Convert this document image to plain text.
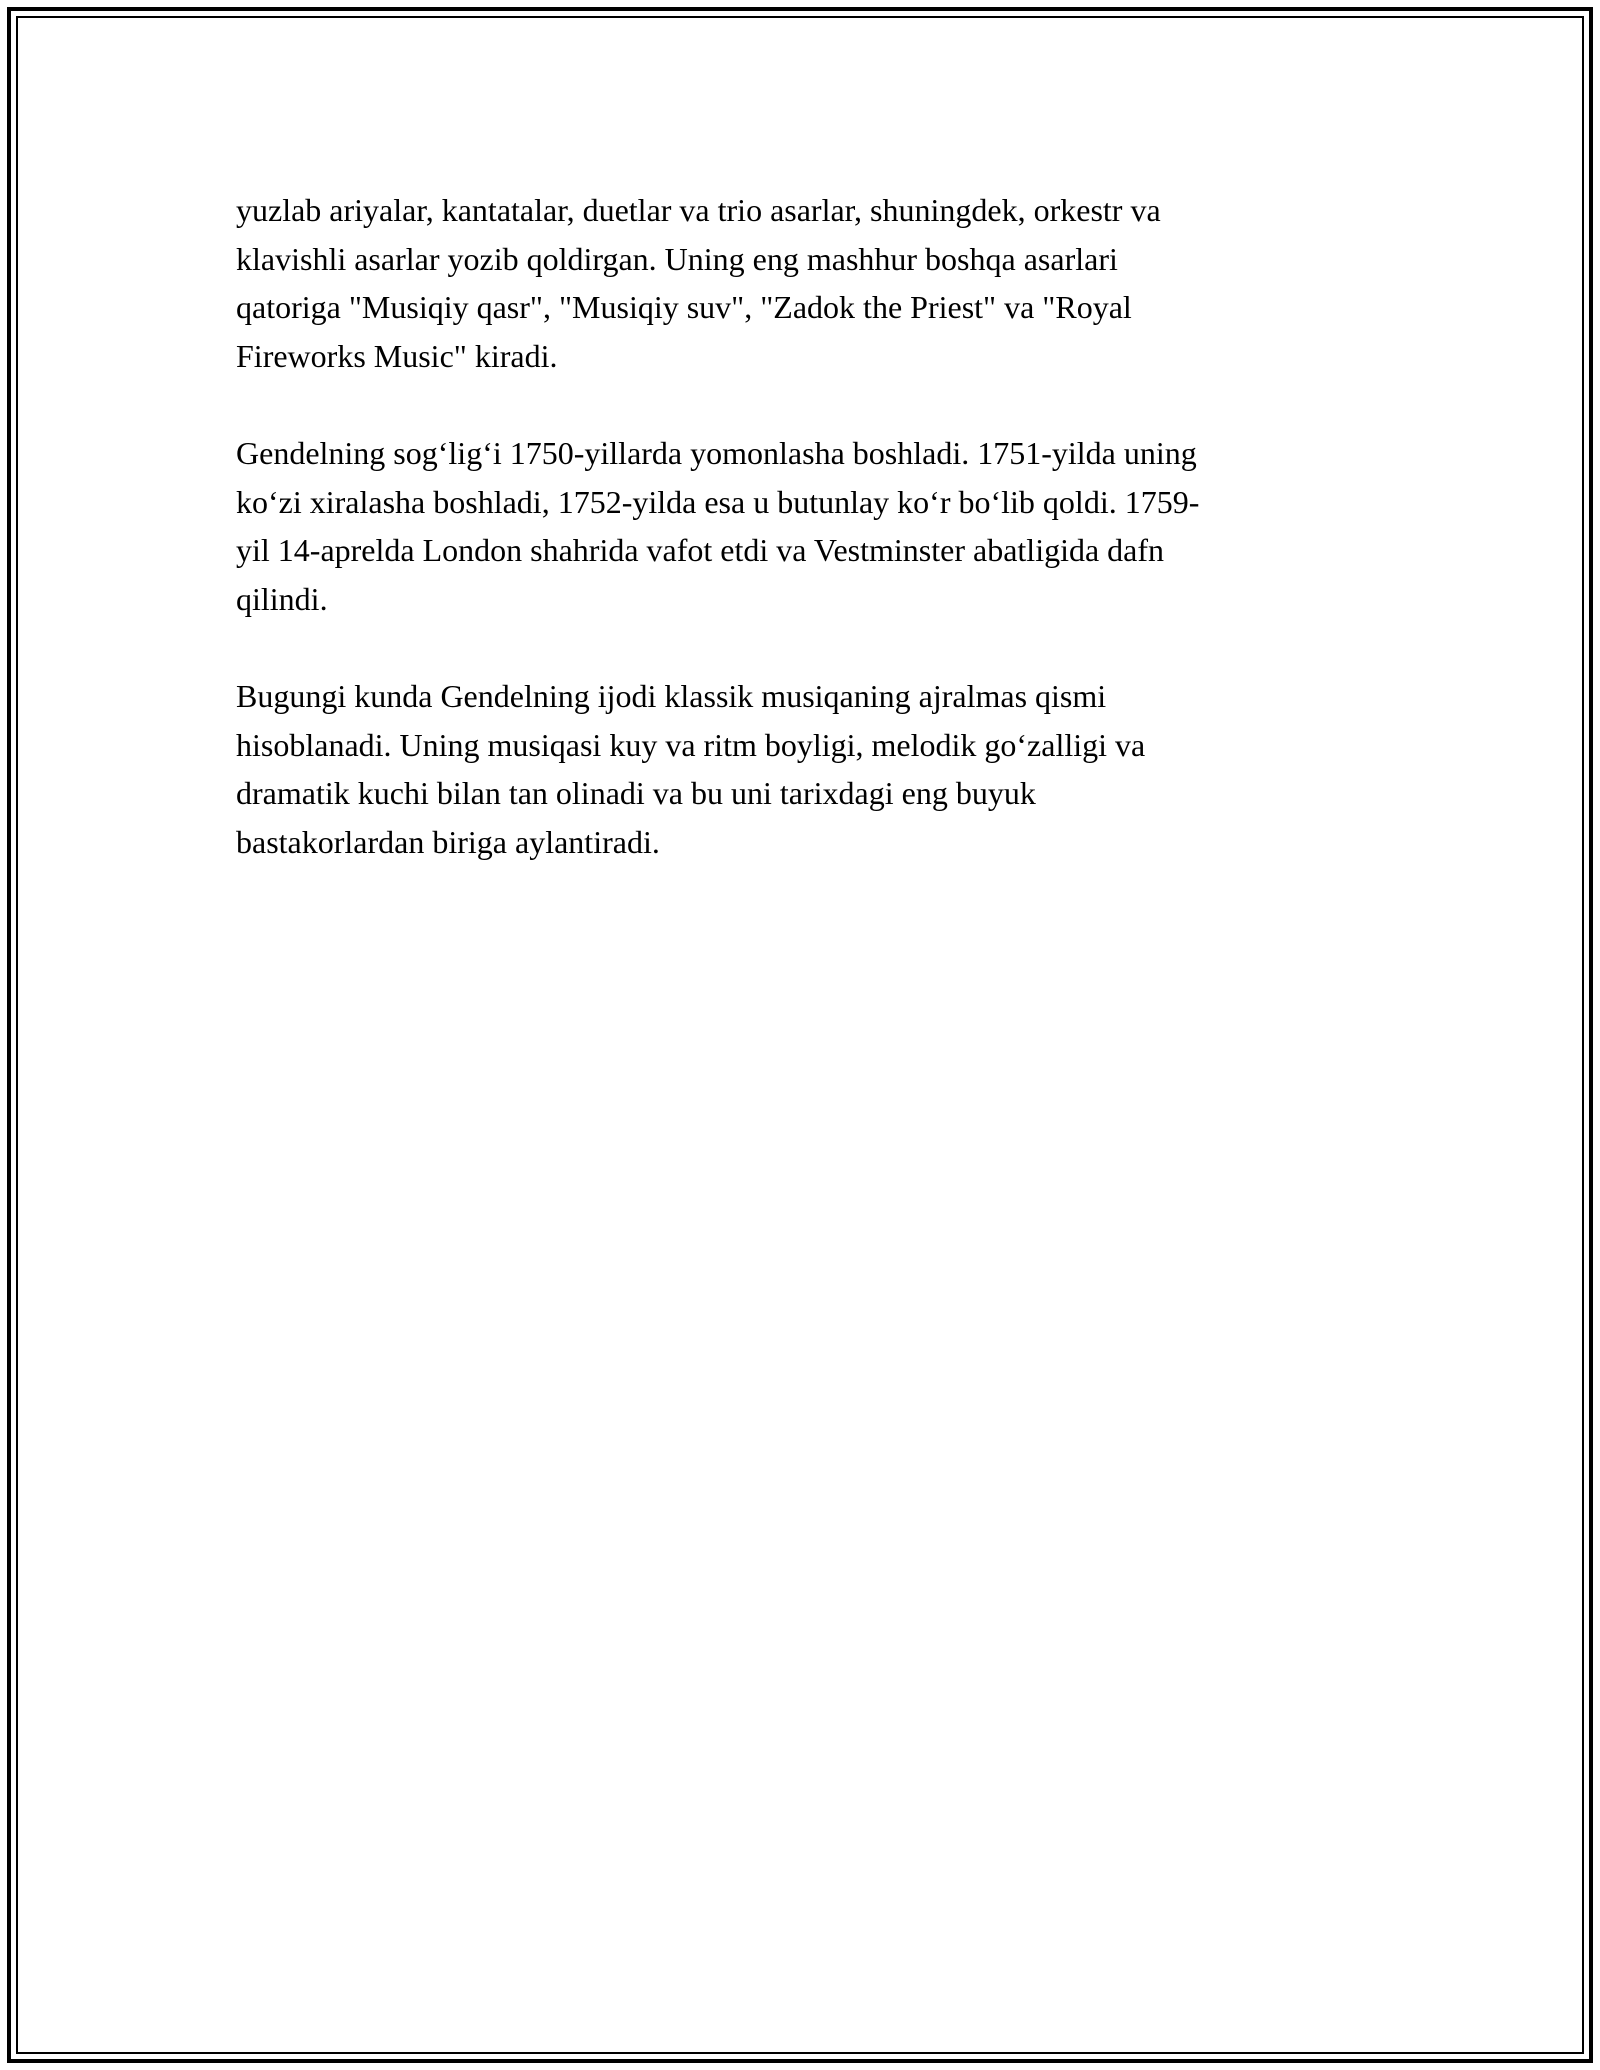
yuzlab ariyalar, kantatalar, duetlar va trio asarlar, shuningdek, orkestr va
klavishli asarlar yozib qoldirgan. Uning eng mashhur boshqa asarlari
qatoriga "Musiqiy qasr", "Musiqiy suv", "Zadok the Priest" va "Royal
Fireworks Music" kiradi.

Gendelning sog‘lig‘i 1750-yillarda yomonlasha boshladi. 1751-yilda uning
ko‘zi xiralasha boshladi, 1752-yilda esa u butunlay ko‘r bo‘lib qoldi. 1759-
yil 14-aprelda London shahrida vafot etdi va Vestminster abatligida dafn
qilindi.

Bugungi kunda Gendelning ijodi klassik musiqaning ajralmas qismi
hisoblanadi. Uning musiqasi kuy va ritm boyligi, melodik go‘zalligi va
dramatik kuchi bilan tan olinadi va bu uni tarixdagi eng buyuk
bastakorlardan biriga aylantiradi.
